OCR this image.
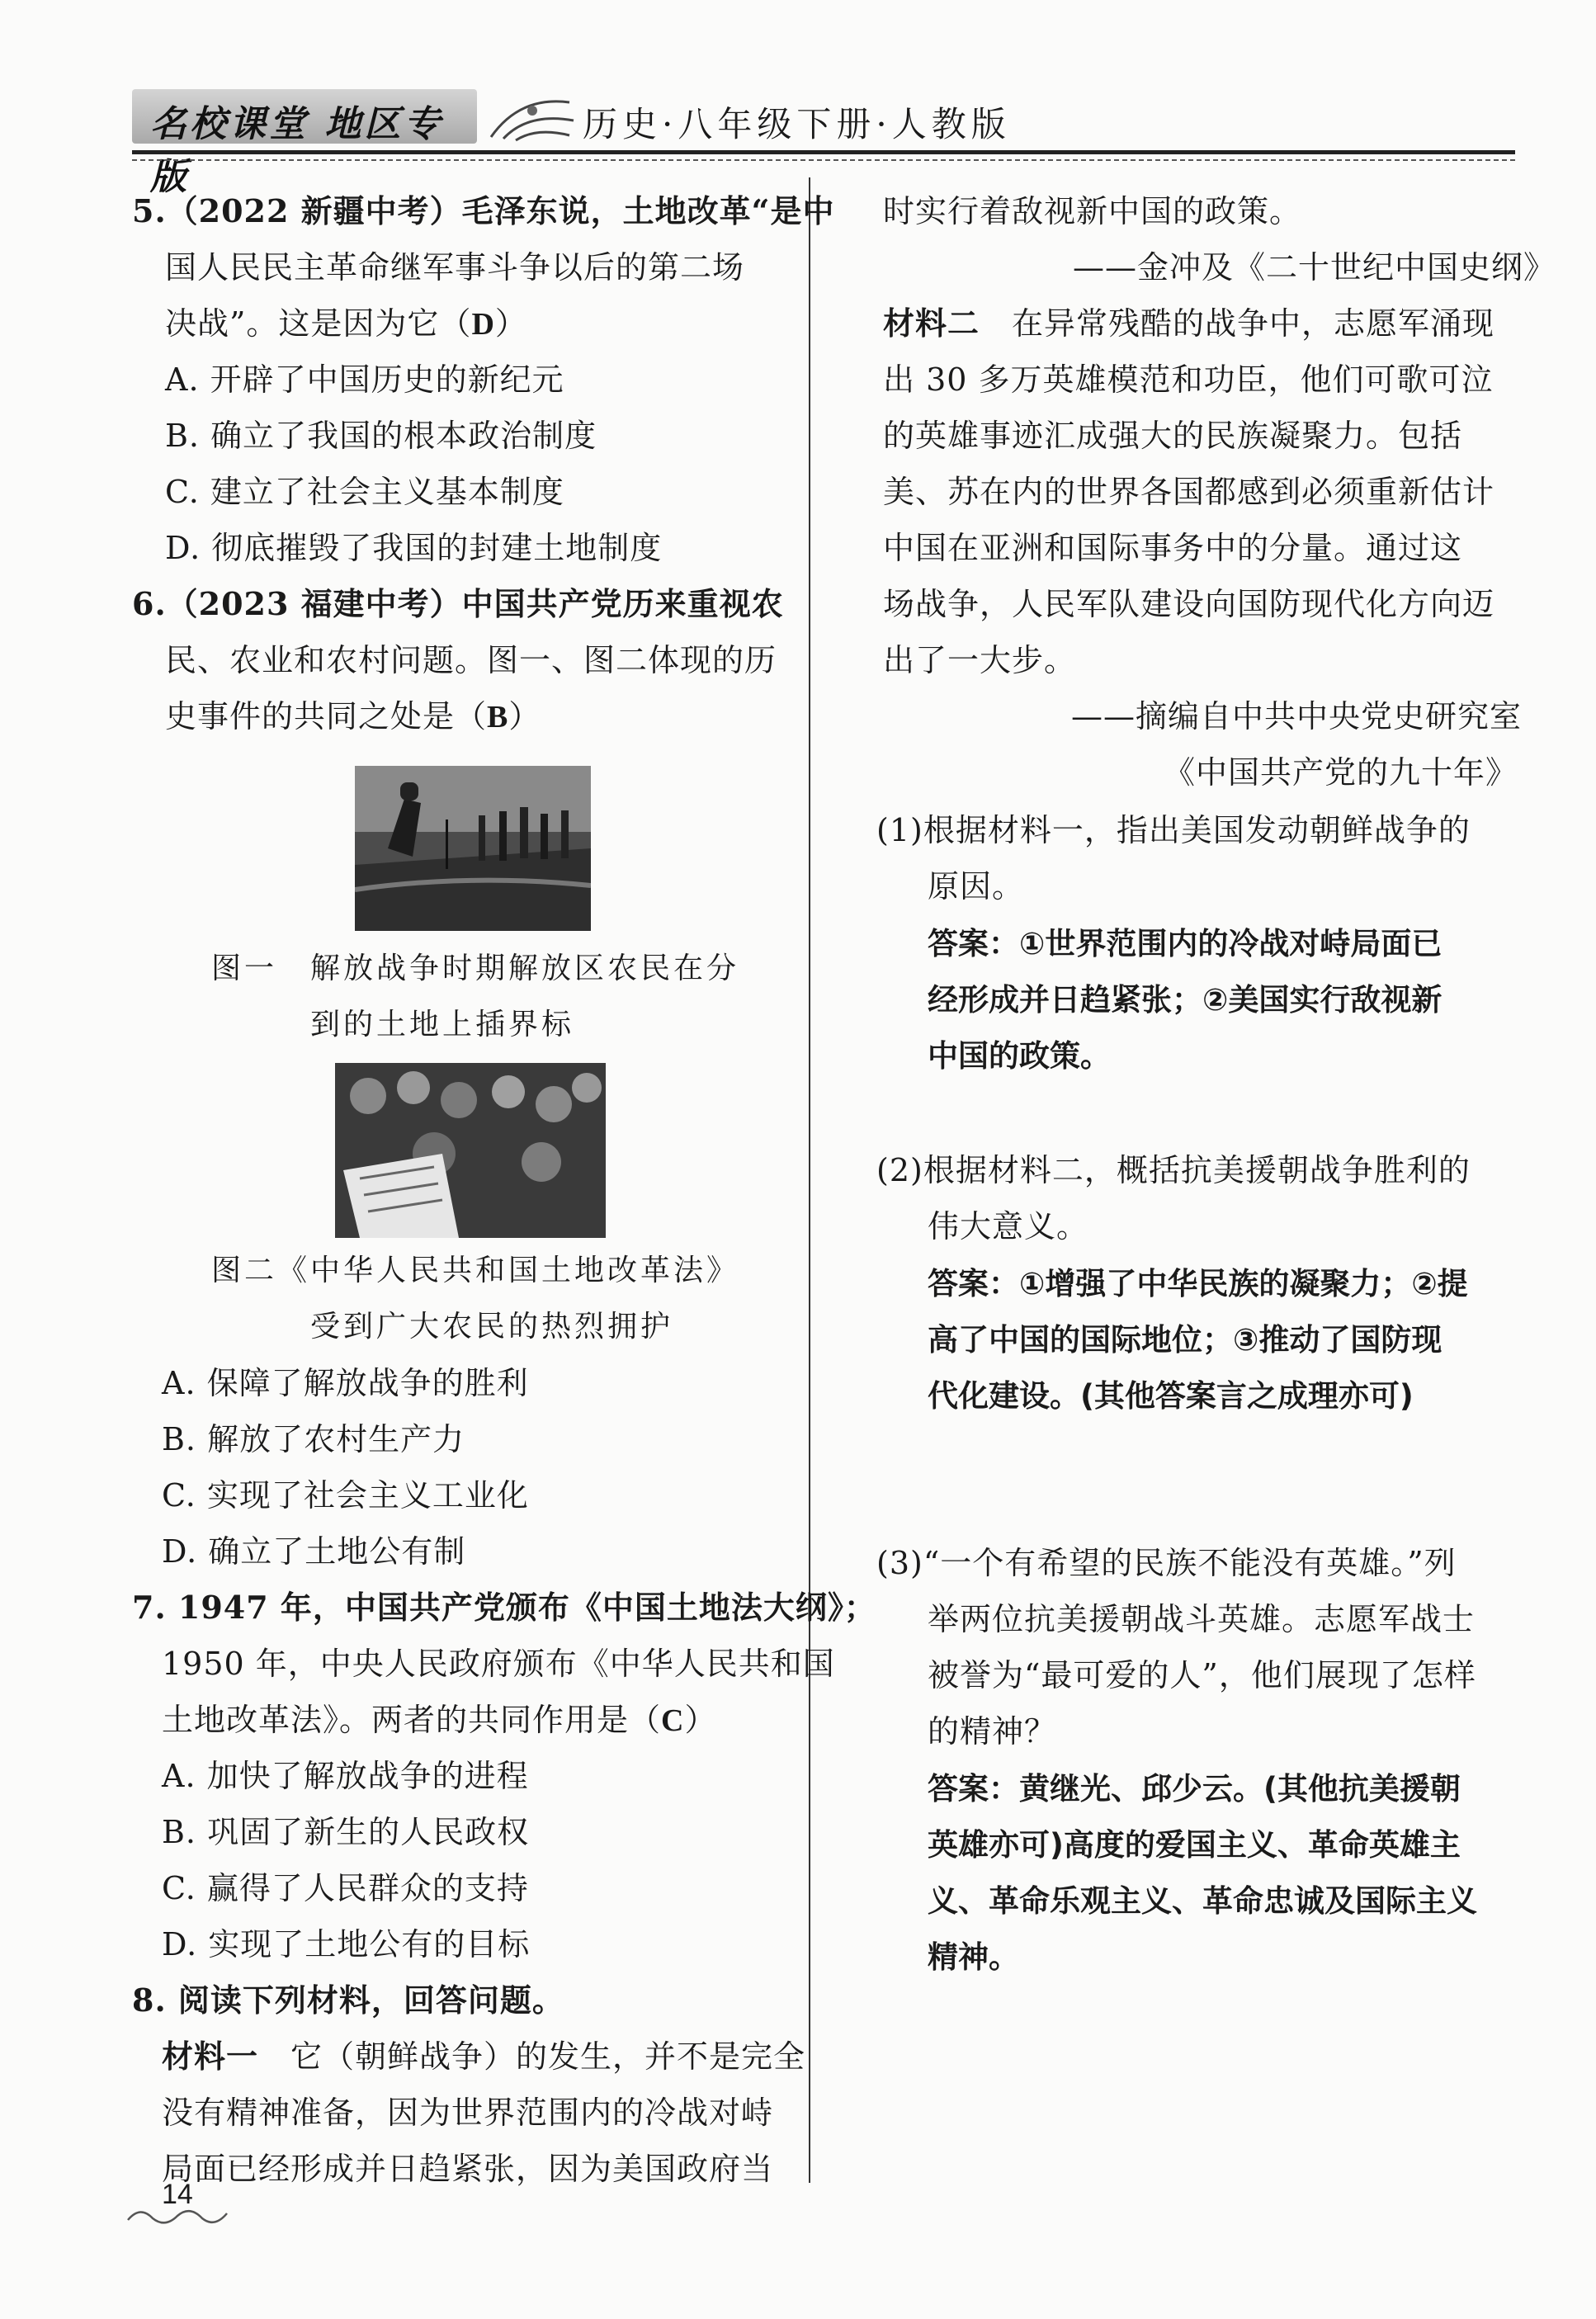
名校课堂 地区专版
历史·八年级下册·人教版
5.（2022 新疆中考）毛泽东说，土地改革“是中
国人民民主革命继军事斗争以后的第二场
决战”。这是因为它（D）
A. 开辟了中国历史的新纪元
B. 确立了我国的根本政治制度
C. 建立了社会主义基本制度
D. 彻底摧毁了我国的封建土地制度
6.（2023 福建中考）中国共产党历来重视农
民、农业和农村问题。图一、图二体现的历
史事件的共同之处是（B）
图一　解放战争时期解放区农民在分
到的土地上插界标
图二《中华人民共和国土地改革法》
受到广大农民的热烈拥护
A. 保障了解放战争的胜利
B. 解放了农村生产力
C. 实现了社会主义工业化
D. 确立了土地公有制
7. 1947 年，中国共产党颁布《中国土地法大纲》；
1950 年，中央人民政府颁布《中华人民共和国
土地改革法》。两者的共同作用是（C）
A. 加快了解放战争的进程
B. 巩固了新生的人民政权
C. 赢得了人民群众的支持
D. 实现了土地公有的目标
8. 阅读下列材料，回答问题。
材料一　它（朝鲜战争）的发生，并不是完全
没有精神准备，因为世界范围内的冷战对峙
局面已经形成并日趋紧张，因为美国政府当
14
时实行着敌视新中国的政策。
——金冲及《二十世纪中国史纲》
材料二　在异常残酷的战争中，志愿军涌现
出 30 多万英雄模范和功臣，他们可歌可泣
的英雄事迹汇成强大的民族凝聚力。包括
美、苏在内的世界各国都感到必须重新估计
中国在亚洲和国际事务中的分量。通过这
场战争，人民军队建设向国防现代化方向迈
出了一大步。
——摘编自中共中央党史研究室
《中国共产党的九十年》
(1)根据材料一，指出美国发动朝鲜战争的
原因。
答案：①世界范围内的冷战对峙局面已
经形成并日趋紧张；②美国实行敌视新
中国的政策。
(2)根据材料二，概括抗美援朝战争胜利的
伟大意义。
答案：①增强了中华民族的凝聚力；②提
高了中国的国际地位；③推动了国防现
代化建设。(其他答案言之成理亦可)
(3)“一个有希望的民族不能没有英雄。”列
举两位抗美援朝战斗英雄。志愿军战士
被誉为“最可爱的人”，他们展现了怎样
的精神？
答案：黄继光、邱少云。(其他抗美援朝
英雄亦可)高度的爱国主义、革命英雄主
义、革命乐观主义、革命忠诚及国际主义
精神。
